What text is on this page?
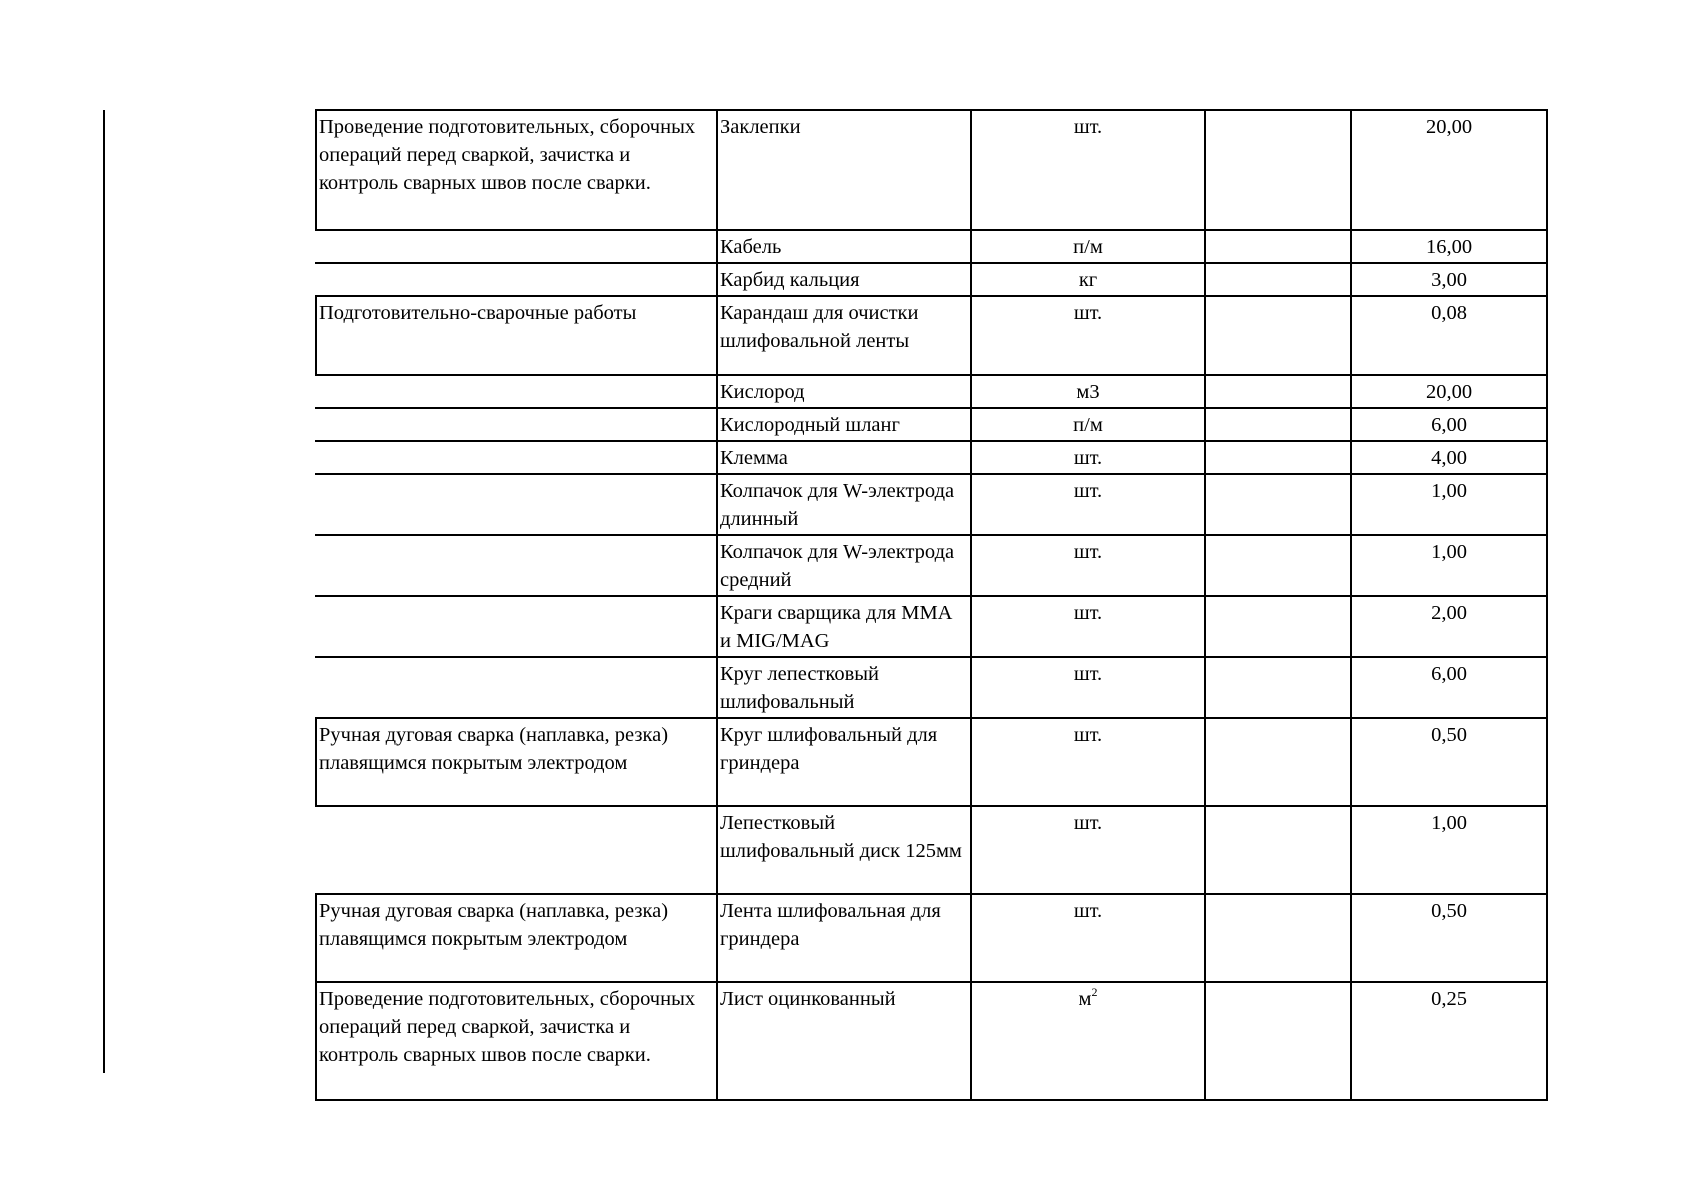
Проведение подготовительных, сборочных операций перед сваркой, зачистка и контроль сварных швов после сварки.	Заклепки	шт.		20,00
	Кабель	п/м		16,00
	Карбид кальция	кг		3,00
Подготовительно-сварочные работы	Карандаш для очистки шлифовальной ленты	шт.		0,08
	Кислород	м3		20,00
	Кислородный шланг	п/м		6,00
	Клемма	шт.		4,00
	Колпачок для W-электрода длинный	шт.		1,00
	Колпачок для W-электрода средний	шт.		1,00
	Краги сварщика для ММА и MIG/MAG	шт.		2,00
	Круг лепестковый шлифовальный	шт.		6,00
Ручная дуговая сварка (наплавка, резка) плавящимся покрытым электродом	Круг шлифовальный для гриндера	шт.		0,50
	Лепестковый шлифовальный диск 125мм	шт.		1,00
Ручная дуговая сварка (наплавка, резка) плавящимся покрытым электродом	Лента шлифовальная для гриндера	шт.		0,50
Проведение подготовительных, сборочных операций перед сваркой, зачистка и контроль сварных швов после сварки.	Лист оцинкованный	$м^2$		0,25
